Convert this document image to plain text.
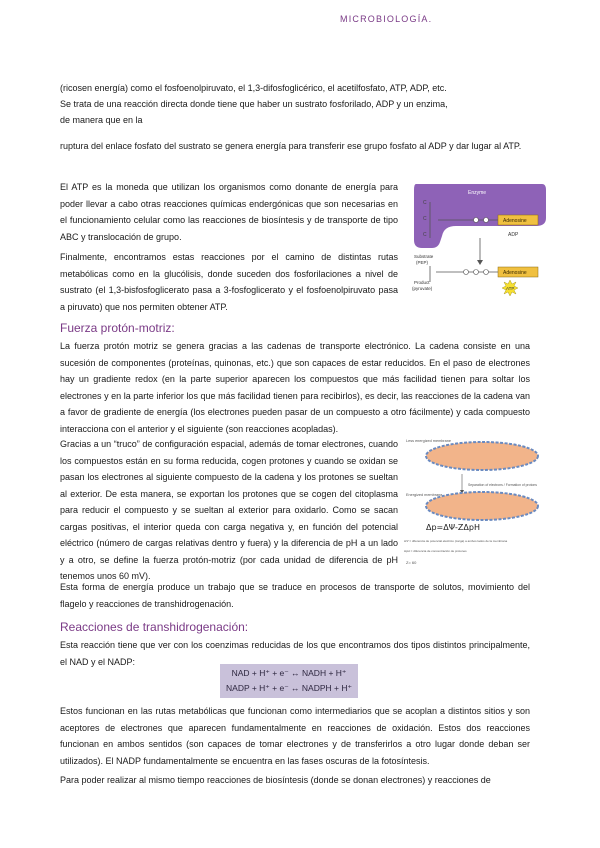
MICROBIOLOGÍA.
(ricosen energía) como el fosfoenolpiruvato, el 1,3-difosfoglicérico, el acetilfosfato, ATP, ADP, etc.
Se trata de una reacción directa donde tiene que haber un sustrato fosforilado, ADP y un enzima,
de manera que en la
ruptura del enlace fosfato del sustrato se genera energía para transferir ese grupo fosfato al ADP y dar lugar al ATP.
El ATP es la moneda que utilizan los organismos como donante de energía para poder llevar a cabo otras reacciones químicas endergónicas que son necesarias en el funcionamiento celular como las reacciones de biosíntesis y de transporte de tipo ABC y translocación de grupo.
Finalmente, encontramos estas reacciones por el camino de distintas rutas metabólicas como en la glucólisis, donde suceden dos fosforilaciones a nivel de sustrato (el 1,3-bisfosfoglicerato pasa a 3-fosfoglicerato y el fosfoenolpiruvato pasa a piruvato) que nos permiten obtener ATP.
Enzyme
C
C
C
Adenosine
ADP
Substrate
(PEP)
Adenosine
ATP
Product
(pyruvate)
Fuerza protón-motriz:
La fuerza protón motriz se genera gracias a las cadenas de transporte electrónico. La cadena consiste en una sucesión de componentes (proteínas, quinonas, etc.) que son capaces de estar reducidos. En el paso de electrones hay un gradiente redox (en la parte superior aparecen los compuestos que más facilidad tienen para soltar los electrones y en la parte inferior los que más facilidad tienen para recibirlos), es decir, las reacciones de la cadena van a favor de gradiente de energía (los electrones pueden pasar de un compuesto a otro fácilmente) y cada compuesto interacciona con el anterior y el siguiente (son reacciones acopladas).
Gracias a un “truco” de configuración espacial, además de tomar electrones, cuando los compuestos están en su forma reducida, cogen protones y cuando se oxidan se pasan los electrones al siguiente compuesto de la cadena y los protones se sueltan al exterior. De esta manera, se exportan los protones que se cogen del citoplasma para reducir el compuesto y se sueltan al exterior para oxidarlo. Como se sacan cargas positivas, el interior queda con carga negativa y, en función del potencial eléctrico (número de cargas relativas dentro y fuera) y la diferencia de pH a un lado y a otro, se define la fuerza protón-motriz (por cada unidad de diferencia de pH tenemos unos 60 mV).
Less energized membrane
Separation of electrons / Formation of protons
Energized membrane
Δp=ΔΨ-ZΔpH
ΔΨ = diferencia de potencial eléctrico (carga) a ambos lados de la membrana
ΔpH = diferencia de concentración de protones
Z= 60
Esta forma de energía produce un trabajo que se traduce en procesos de transporte de solutos, movimiento del flagelo y reacciones de transhidrogenación.
Reacciones de transhidrogenación:
Esta reacción tiene que ver con los coenzimas reducidas de los que encontramos dos tipos distintos principalmente, el NAD y el NADP:
NAD + H⁺ + e⁻ ↔ NADH + H⁺
NADP + H⁺ + e⁻ ↔ NADPH + H⁺
Estos funcionan en las rutas metabólicas que funcionan como intermediarios que se acoplan a distintos sitios y son aceptores de electrones que aparecen fundamentalmente en reacciones de oxidación. Estos dos reacciones funcionan en ambos sentidos (son capaces de tomar electrones y de transferirlos a otro lugar donde deban ser utilizados). El NADP fundamentalmente se encuentra en las fases oscuras de la fotosíntesis.
Para poder realizar al mismo tiempo reacciones de biosíntesis (donde se donan electrones) y reacciones de
